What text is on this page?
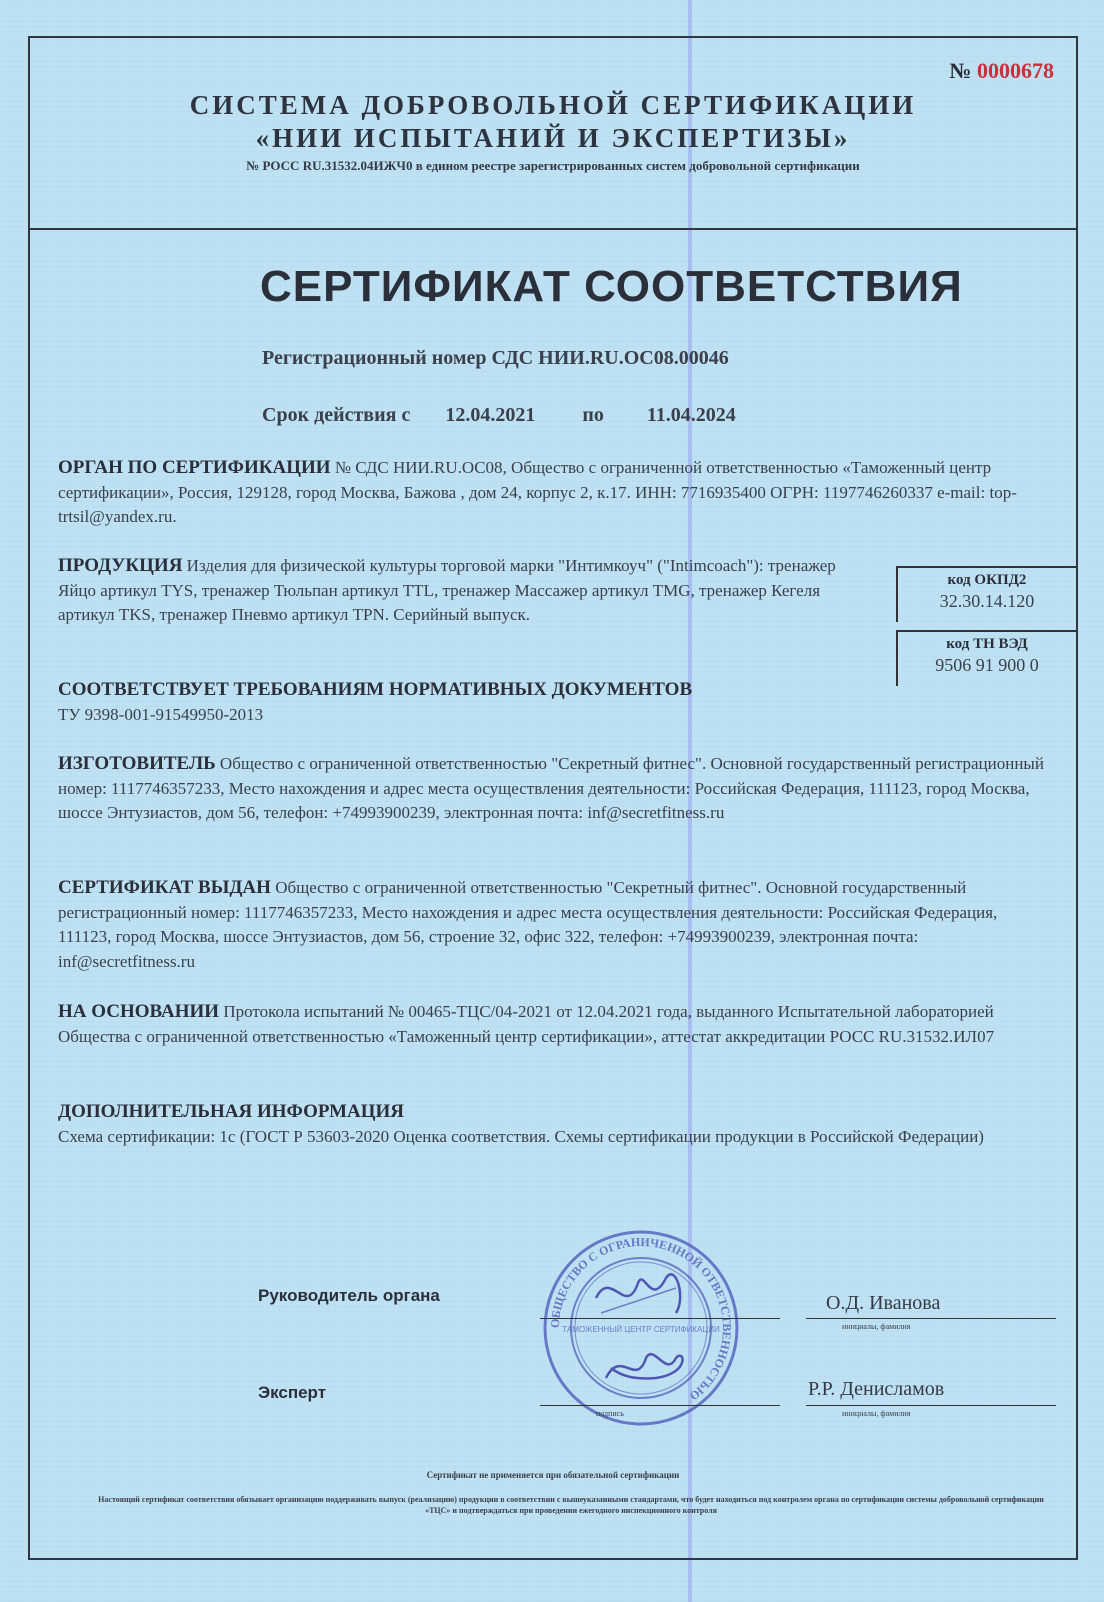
№ 0000678
СИСТЕМА ДОБРОВОЛЬНОЙ СЕРТИФИКАЦИИ
«НИИ ИСПЫТАНИЙ И ЭКСПЕРТИЗЫ»
№ РОСС RU.31532.04ИЖЧ0 в едином реестре зарегистрированных систем добровольной сертификации
СЕРТИФИКАТ СООТВЕТСТВИЯ
Регистрационный номер СДС НИИ.RU.OC08.00046
Срок действия с 12.04.2021 по 11.04.2024
ОРГАН ПО СЕРТИФИКАЦИИ № СДС НИИ.RU.OC08, Общество с ограниченной ответственностью «Таможенный центр сертификации», Россия, 129128, город Москва, Бажова , дом 24, корпус 2, к.17. ИНН: 7716935400 ОГРН: 1197746260337 e-mail: top-trtsil@yandex.ru.
ПРОДУКЦИЯ Изделия для физической культуры торговой марки "Интимкоуч" ("Intimcoach"): тренажер Яйцо артикул TYS, тренажер Тюльпан артикул TTL, тренажер Массажер артикул TMG, тренажер Кегеля артикул TKS, тренажер Пневмо артикул TPN. Серийный выпуск.
код ОКПД2
32.30.14.120
код ТН ВЭД
9506 91 900 0
СООТВЕТСТВУЕТ ТРЕБОВАНИЯМ НОРМАТИВНЫХ ДОКУМЕНТОВ
ТУ 9398-001-91549950-2013
ИЗГОТОВИТЕЛЬ Общество с ограниченной ответственностью "Секретный фитнес". Основной государственный регистрационный номер: 1117746357233, Место нахождения и адрес места осуществления деятельности: Российская Федерация, 111123, город Москва, шоссе Энтузиастов, дом 56, телефон: +74993900239, электронная почта: inf@secretfitness.ru
СЕРТИФИКАТ ВЫДАН Общество с ограниченной ответственностью "Секретный фитнес". Основной государственный регистрационный номер: 1117746357233, Место нахождения и адрес места осуществления деятельности: Российская Федерация, 111123, город Москва, шоссе Энтузиастов, дом 56, строение 32, офис 322, телефон: +74993900239, электронная почта: inf@secretfitness.ru
НА ОСНОВАНИИ Протокола испытаний № 00465-ТЦС/04-2021 от 12.04.2021 года, выданного Испытательной лабораторией Общества с ограниченной ответственностью «Таможенный центр сертификации», аттестат аккредитации РОСС RU.31532.ИЛ07
ДОПОЛНИТЕЛЬНАЯ ИНФОРМАЦИЯ
Схема сертификации: 1с (ГОСТ Р 53603-2020 Оценка соответствия. Схемы сертификации продукции в Российской Федерации)
ОБЩЕСТВО С ОГРАНИЧЕННОЙ ОТВЕТСТВЕННОСТЬЮ
ТАМОЖЕННЫЙ ЦЕНТР СЕРТИФИКАЦИИ
Руководитель органа	О.Д. Иванова
инициалы, фамилия
Эксперт	Р.Р. Денисламов
инициалы, фамилия
подпись
Сертификат не применяется при обязательной сертификации
Настоящий сертификат соответствия обязывает организацию поддерживать выпуск (реализацию) продукции в соответствии с вышеуказанными стандартами, что будет находиться под контролем органа по сертификации системы добровольной сертификации «ТЦС» и подтверждаться при проведении ежегодного инспекционного контроля
